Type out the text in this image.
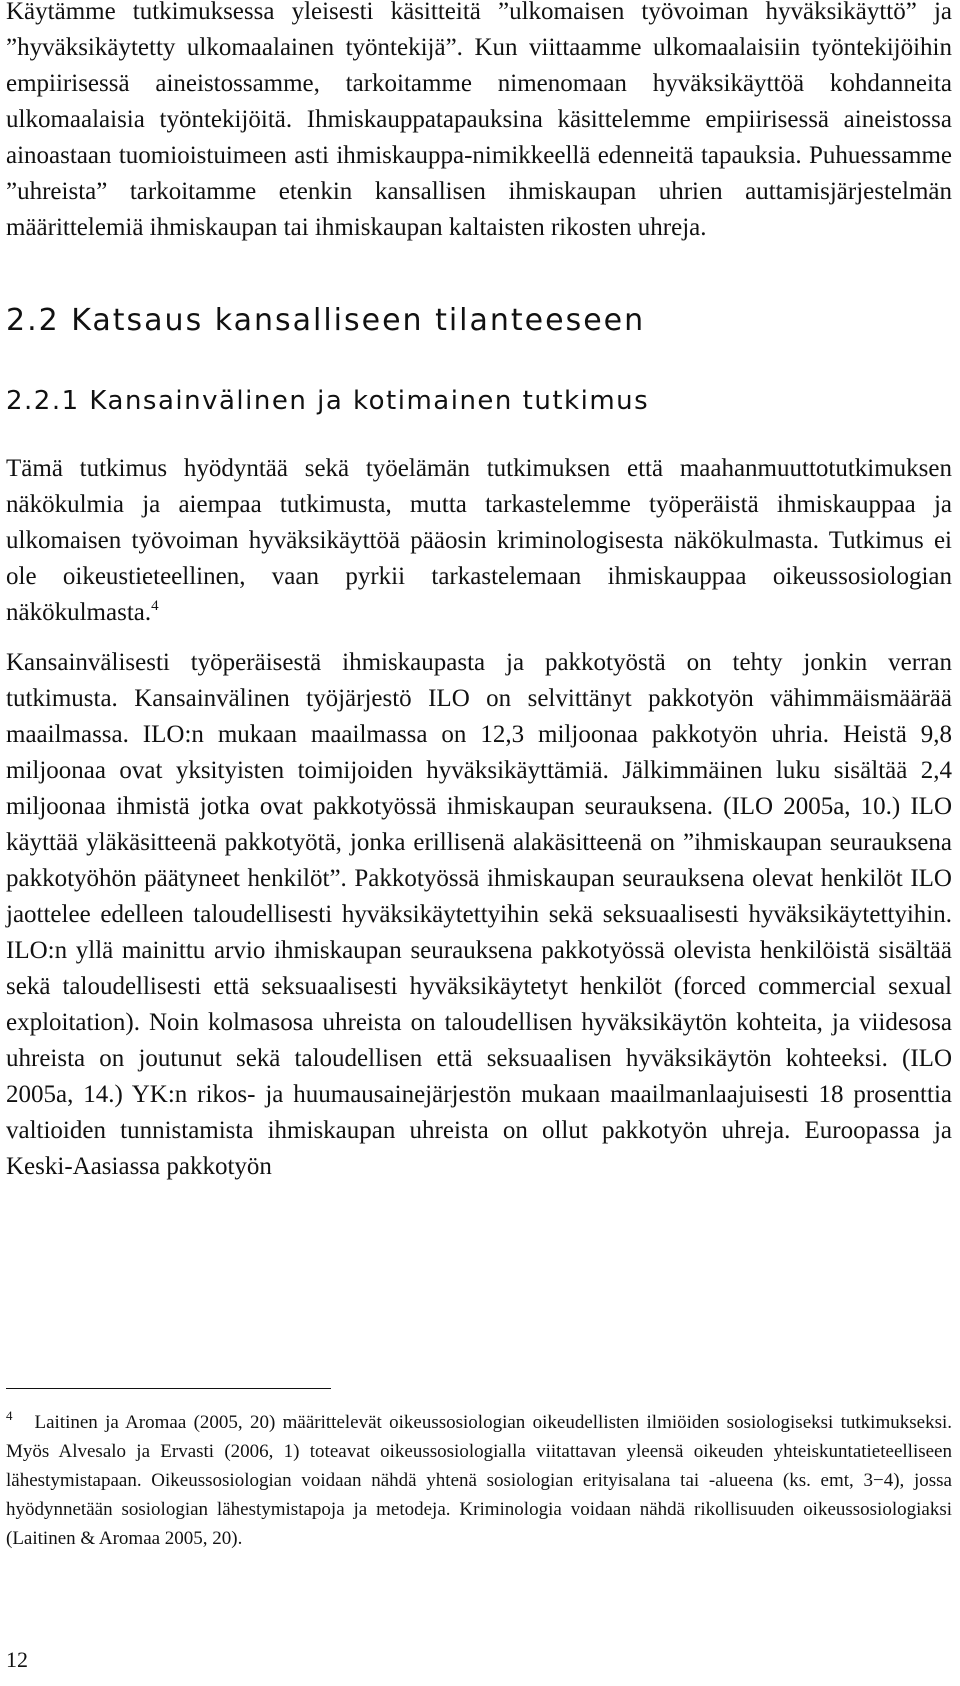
Käytämme tutkimuksessa yleisesti käsitteitä ”ulkomaisen työvoiman hyväksikäyttö” ja ”hyväksikäytetty ulkomaalainen työntekijä”. Kun viittaamme ulkomaalaisiin työntekijöihin empiirisessä aineistossamme, tarkoitamme nimenomaan hyväksikäyttöä kohdanneita ulkomaalaisia työntekijöitä. Ihmiskauppatapauksina käsittelemme empiirisessä aineistossa ainoastaan tuomioistuimeen asti ihmiskauppa-nimikkeellä edenneitä tapauksia. Puhuessamme ”uhreista” tarkoitamme etenkin kansallisen ihmiskaupan uhrien auttamisjärjestelmän määrittelemiä ihmiskaupan tai ihmiskaupan kaltaisten rikosten uhreja.

2.2 Katsaus kansalliseen tilanteeseen
2.2.1 Kansainvälinen ja kotimainen tutkimus

Tämä tutkimus hyödyntää sekä työelämän tutkimuksen että maahanmuuttotutkimuksen näkökulmia ja aiempaa tutkimusta, mutta tarkastelemme työperäistä ihmiskauppaa ja ulkomaisen työvoiman hyväksikäyttöä pääosin kriminologisesta näkökulmasta. Tutkimus ei ole oikeustieteellinen, vaan pyrkii tarkastelemaan ihmiskauppaa oikeussosiologian näkökulmasta.$^4$

Kansainvälisesti työperäisestä ihmiskaupasta ja pakkotyöstä on tehty jonkin verran tutkimusta. Kansainvälinen työjärjestö ILO on selvittänyt pakkotyön vähimmäismäärää maailmassa. ILO:n mukaan maailmassa on 12,3 miljoonaa pakkotyön uhria. Heistä 9,8 miljoonaa ovat yksityisten toimijoiden hyväksikäyttämiä. Jälkimmäinen luku sisältää 2,4 miljoonaa ihmistä jotka ovat pakkotyössä ihmiskaupan seurauksena. (ILO 2005a, 10.) ILO käyttää yläkäsitteenä pakkotyötä, jonka erillisenä alakäsitteenä on ”ihmiskaupan seurauksena pakkotyöhön päätyneet henkilöt”. Pakkotyössä ihmiskaupan seurauksena olevat henkilöt ILO jaottelee edelleen taloudellisesti hyväksikäytettyihin sekä seksuaalisesti hyväksikäytettyihin. ILO:n yllä mainittu arvio ihmiskaupan seurauksena pakkotyössä olevista henkilöistä sisältää sekä taloudellisesti että seksuaalisesti hyväksikäytetyt henkilöt (forced commercial sexual exploitation). Noin kolmasosa uhreista on taloudellisen hyväksikäytön kohteita, ja viidesosa uhreista on joutunut sekä taloudellisen että seksuaalisen hyväksikäytön kohteeksi. (ILO 2005a, 14.) YK:n rikos- ja huumausainejärjestön mukaan maailmanlaajuisesti 18 prosenttia valtioiden tunnistamista ihmiskaupan uhreista on ollut pakkotyön uhreja. Euroopassa ja Keski-Aasiassa pakkotyön

$^4$ Laitinen ja Aromaa (2005, 20) määrittelevät oikeussosiologian oikeudellisten ilmiöiden sosiologiseksi tutkimukseksi. Myös Alvesalo ja Ervasti (2006, 1) toteavat oikeussosiologialla viitattavan yleensä oikeuden yhteiskuntatieteelliseen lähestymistapaan. Oikeussosiologian voidaan nähdä yhtenä sosiologian erityisalana tai -alueena (ks. emt, 3−4), jossa hyödynnetään sosiologian lähestymistapoja ja metodeja. Kriminologia voidaan nähdä rikollisuuden oikeussosiologiaksi (Laitinen & Aromaa 2005, 20).

12
